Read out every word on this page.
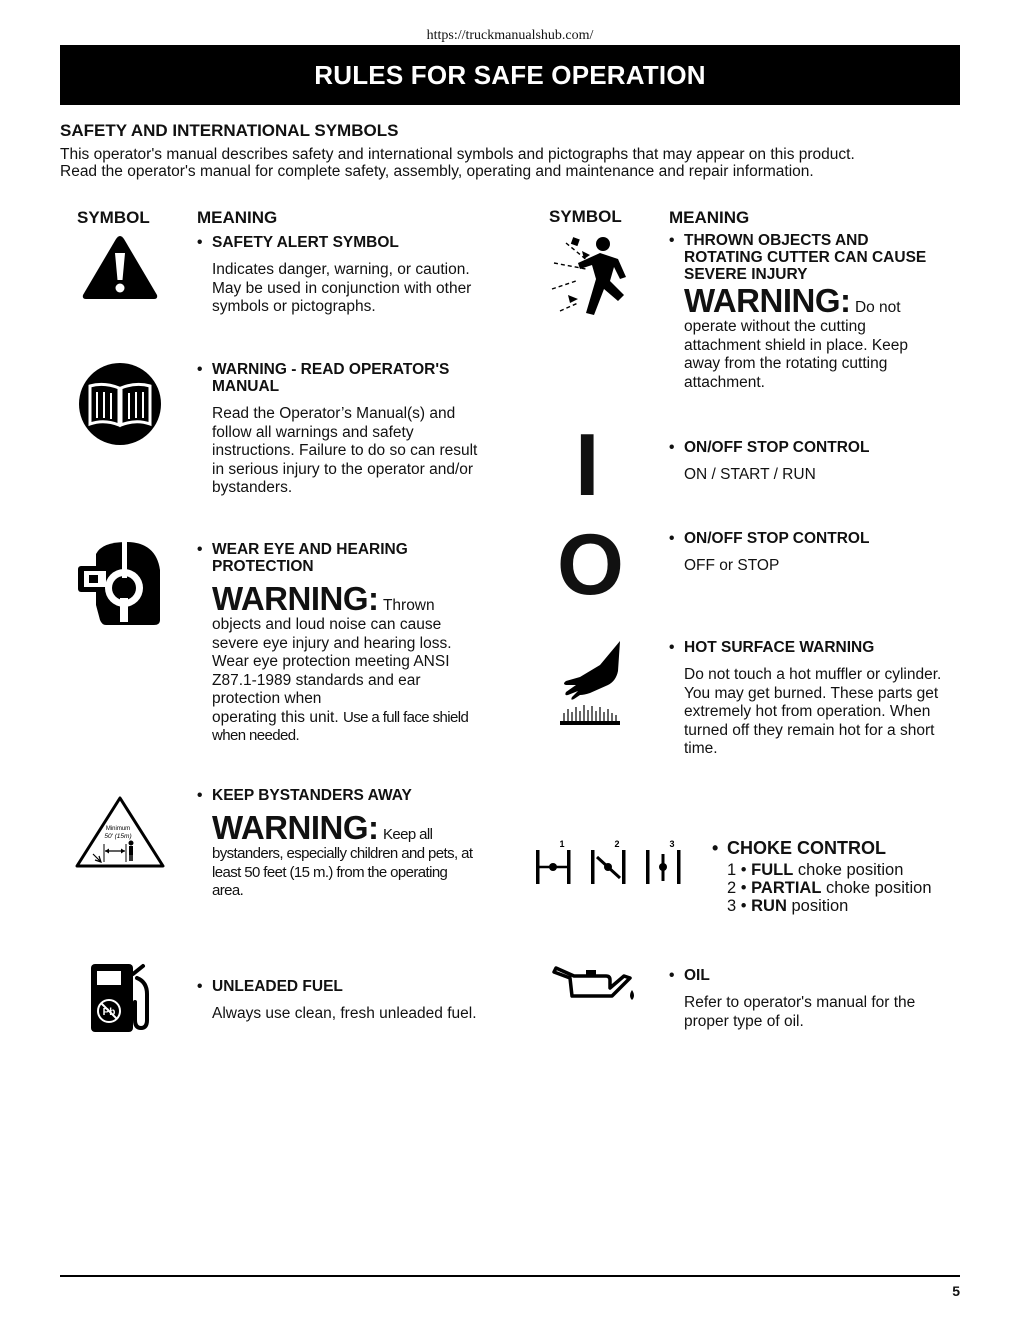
https://truckmanualshub.com/
RULES FOR SAFE OPERATION
SAFETY AND INTERNATIONAL SYMBOLS
This operator's manual describes safety and international symbols and pictographs that may appear on this product.
Read the operator's manual for complete safety, assembly, operating and maintenance and repair information.
SYMBOL	MEANING	SYMBOL	MEANING
• SAFETY ALERT SYMBOL
Indicates danger, warning, or caution. May be used in conjunction with other symbols or pictographs.
• WARNING - READ OPERATOR'S
MANUAL
Read the Operator’s Manual(s) and follow all warnings and safety instructions. Failure to do so can result in serious injury to the operator and/or bystanders.
• WEAR EYE AND HEARING
PROTECTION
WARNING: Thrown
objects and loud noise can cause severe eye injury and hearing loss. Wear eye protection meeting ANSI Z87.1-1989 standards and ear protection when
operating this unit. Use a full face shield when needed.
Minimum
50' (15m)
• KEEP BYSTANDERS AWAY
WARNING: Keep all
bystanders, especially children and pets, at least 50 feet (15 m.) from the operating area.
Pb
• UNLEADED FUEL
Always use clean, fresh unleaded fuel.
• THROWN OBJECTS AND
ROTATING CUTTER CAN CAUSE
SEVERE INJURY
WARNING: Do not
operate without the cutting attachment shield in place. Keep away from the rotating cutting attachment.
I	• ON/OFF STOP CONTROL
ON / START / RUN
O	• ON/OFF STOP CONTROL
OFF or STOP
• HOT SURFACE WARNING
Do not touch a hot muffler or cylinder. You may get burned. These parts get extremely hot from operation. When turned off they remain hot for a short time.
1	2	3 • CHOKE CONTROL
1 • FULL choke position
2 • PARTIAL choke position
3 • RUN position
• OIL
Refer to operator's manual for the proper type of oil.
5
